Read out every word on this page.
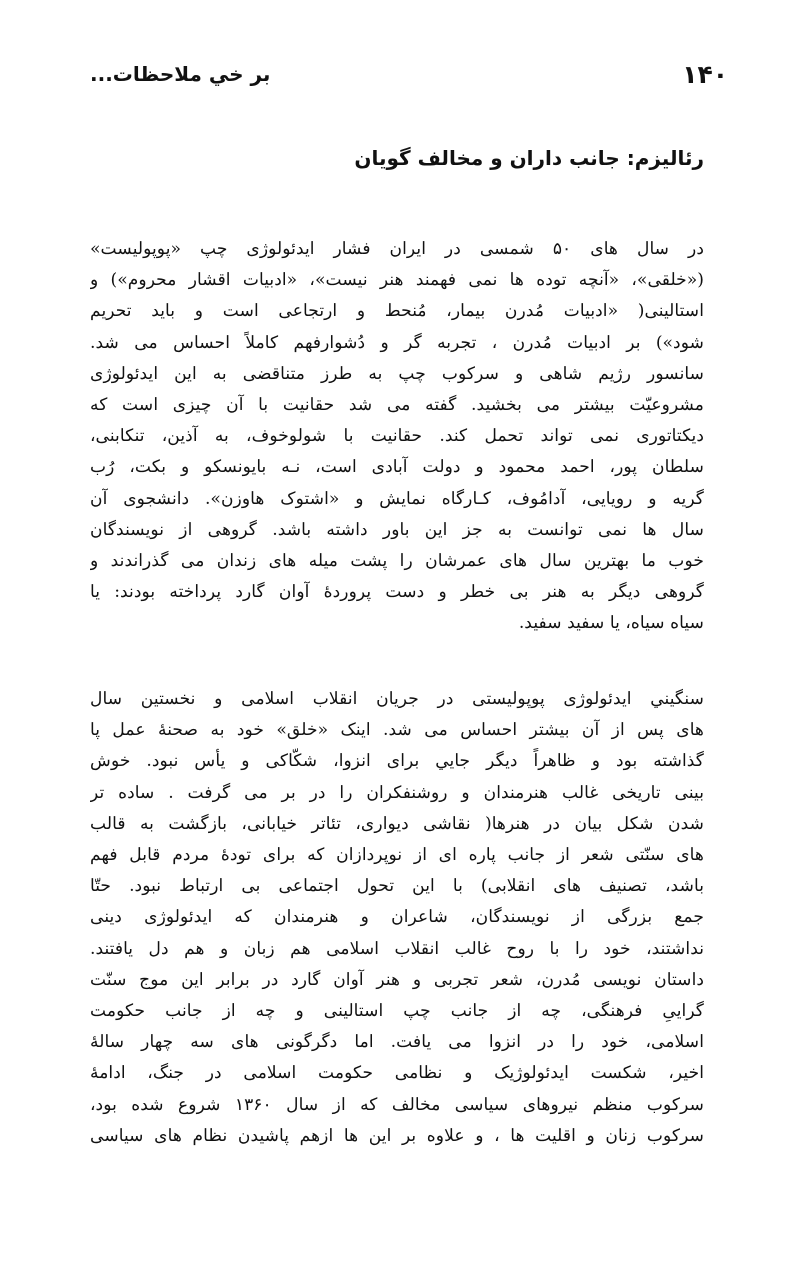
۱۴۰
بر خي ملاحظات...
رئاليزم: جانب داران و مخالف گويان
در سال های ۵۰ شمسی در ایران فشار ایدئولوژی چپ «پوپولیست»
(«خلقی»، «آنچه توده ها نمی فهمند هنر نیست»، «ادبیات اقشار محروم») و
استالینی( «ادبیات مُدرن بیمار، مُنحط و ارتجاعی است و باید تحریم
شود») بر ادبیات مُدرن ، تجربه گر و دُشوارفهم کاملاً احساس می شد.
سانسور رژیم شاهی و سرکوب چپ به طرز متناقضی به این ایدئولوژی
مشروعیّت بیشتر می بخشید. گفته می شد حقانیت با آن چیزی است که
دیکتاتوری نمی تواند تحمل کند. حقانیت با شولوخوف، به آذین، تنکابنی،
سلطان پور، احمد محمود و دولت آبادی است، نـه بایونسکو و بکت، رُب
گریه و رویایی، آدامُوف، کـارگاه نمایش و «اشتوک هاوزن». دانشجوی آن
سال ها نمی توانست به جز این باور داشته باشد. گروهی از نویسندگان
خوب ما بهترین سال های عمرشان را پشت میله های زندان می گذراندند و
گروهی دیگر به هنر بی خطر و دست پروردهٔ آوان گارد پرداخته بودند: یا
سیاه سیاه، یا سفید سفید.
سنگيني ايدئولوژی پوپوليستی در جريان انقلاب اسلامی و نخستين سال
های پس از آن بيشتر احساس می شد. اينک «خلق» خود به صحنهٔ عمل پا
گذاشته بود و ظاهراً ديگر جايي برای انزوا، شکّاکی و يأس نبود. خوش
بينی تاريخی غالب هنرمندان و روشنفکران را در بر می گرفت . ساده تر
شدن شکل بيان در هنرها( نقاشی ديواری، تئاتر خيابانی، بازگشت به قالب
های سنّتی شعر از جانب پاره ای از نوپردازان که برای تودهٔ مردم قابل فهم
باشد، تصنيف های انقلابی) با اين تحول اجتماعی بی ارتباط نبود. حتّا
جمع بزرگی از نويسندگان، شاعران و هنرمندان که ايدئولوژی دينی
نداشتند، خود را با روح غالب انقلاب اسلامی هم زبان و هم دل يافتند.
داستان نويسی مُدرن، شعر تجربی و هنر آوان گارد در برابر اين موج سنّت
گرايیِ فرهنگی، چه از جانب چپ استالينی و چه از جانب حکومت
اسلامی، خود را در انزوا می يافت. اما دگرگونی های سه چهار سالهٔ
اخير، شکست ايدئولوژيک و نظامی حکومت اسلامی در جنگ، ادامهٔ
سرکوب منظم نيروهای سياسی مخالف که از سال ۱۳۶۰ شروع شده بود،
سرکوب زنان و اقليت ها ، و علاوه بر اين ها ازهم پاشيدن نظام های سياسی
